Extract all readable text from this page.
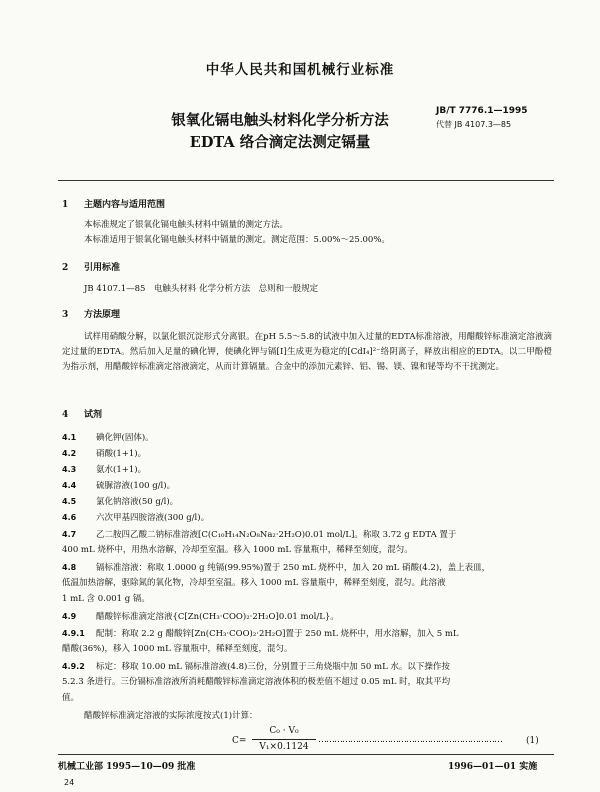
中华人民共和国机械行业标准
JB/T 7776.1—1995
代替 JB 4107.3—85
银氧化镉电触头材料化学分析方法
EDTA 络合滴定法测定镉量
1 主题内容与适用范围
本标准规定了银氧化镉电触头材料中镉量的测定方法。
本标准适用于银氧化镉电触头材料中镉量的测定。测定范围：5.00%～25.00%。
2 引用标准
JB 4107.1—85　电触头材料 化学分析方法　总则和一般规定
3 方法原理
试样用硝酸分解，以氯化银沉淀形式分离银。在pH 5.5～5.8的试液中加入过量的EDTA标准溶液，用醋酸锌标准滴定溶液滴定过量的EDTA。然后加入足量的碘化钾，使碘化钾与镉[Ⅰ]生成更为稳定的[CdI₄]²⁻络阴离子，释放出相应的EDTA。以二甲酚橙为指示剂，用醋酸锌标准滴定溶液滴定，从而计算镉量。合金中的添加元素锌、铝、锡、镁、镍和铋等均不干扰测定。
4 试剂
4.1 碘化钾(固体)。
4.2 硝酸(1+1)。
4.3 氨水(1+1)。
4.4 硫脲溶液(100 g/l)。
4.5 氯化钠溶液(50 g/l)。
4.6 六次甲基四胺溶液(300 g/l)。
4.7 乙二胺四乙酸二钠标准溶液[C(C₁₀H₁₄N₂O₈Na₂·2H₂O)0.01 mol/L]。称取 3.72 g EDTA 置于
400 mL 烧杯中，用热水溶解，冷却至室温。移入 1000 mL 容量瓶中，稀释至刻度，混匀。
4.8 镉标准溶液：称取 1.0000 g 纯镉(99.95%)置于 250 mL 烧杯中，加入 20 mL 硝酸(4.2)，盖上表皿，
低温加热溶解，驱除氮的氧化物，冷却至室温。移入 1000 mL 容量瓶中，稀释至刻度，混匀。此溶液
1 mL 含 0.001 g 镉。
4.9 醋酸锌标准滴定溶液{C[Zn(CH₃·COO)₂·2H₂O]0.01 mol/L}。
4.9.1 配制：称取 2.2 g 醋酸锌[Zn(CH₃·COO)₂·2H₂O]置于 250 mL 烧杯中，用水溶解，加入 5 mL
醋酸(36%)，移入 1000 mL 容量瓶中，稀释至刻度，混匀。
4.9.2 标定：移取 10.00 mL 镉标准溶液(4.8)三份，分别置于三角烧瓶中加 50 mL 水。以下操作按
5.2.3 条进行。三份镉标准溶液所消耗醋酸锌标准滴定溶液体积的极差值不超过 0.05 mL 时，取其平均
值。
醋酸锌标准滴定溶液的实际浓度按式(1)计算：
C=
C₀ · V₀
V₁×0.1124
……………………………………………………………	(1)
机械工业部 1995—10—09 批准	1996—01—01 实施
24
